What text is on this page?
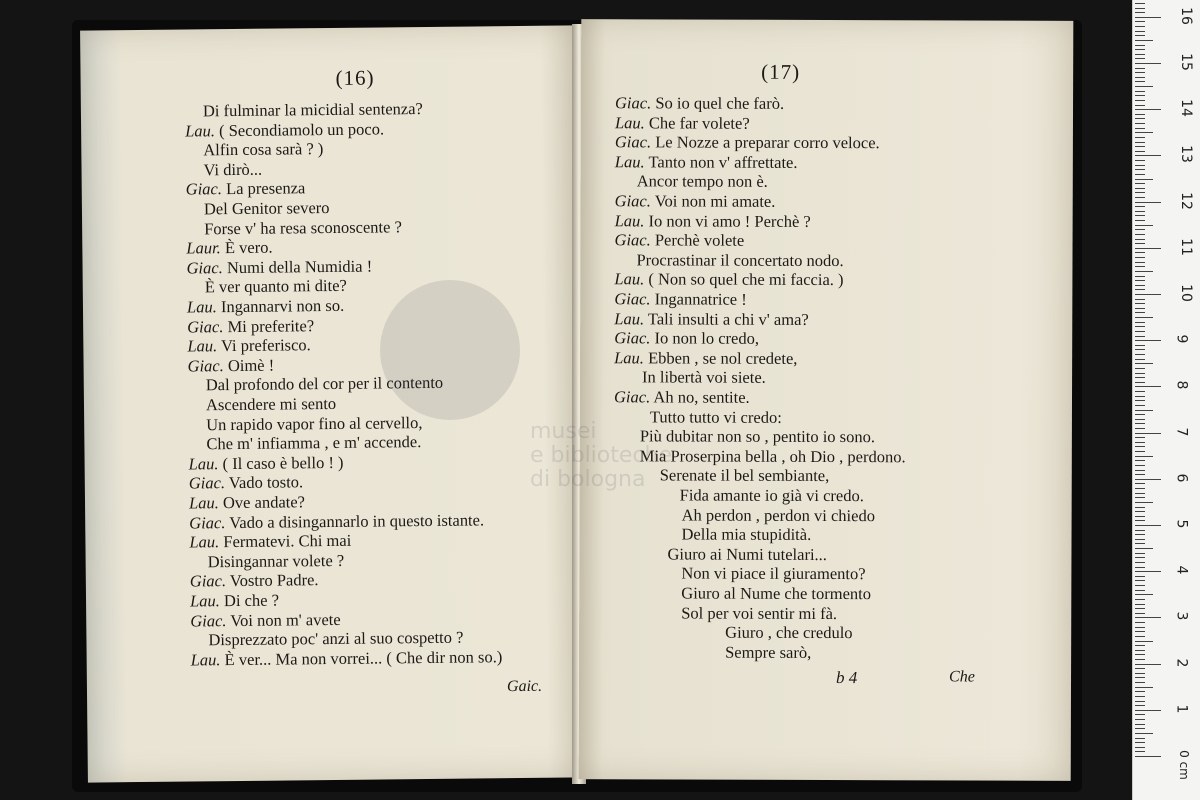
(16)
Di fulminar la micidial sentenza?
Lau. ( Secondiamolo un poco.
Alfin cosa sarà ? )
Vi dirò...
Giac. La presenza
Del Genitor severo
Forse v' ha resa sconoscente ?
Laur. È vero.
Giac. Numi della Numidia !
È ver quanto mi dite?
Lau. Ingannarvi non so.
Giac. Mi preferite?
Lau. Vi preferisco.
Giac. Oimè !
Dal profondo del cor per il contento
Ascendere mi sento
Un rapido vapor fino al cervello,
Che m' infiamma , e m' accende.
Lau. ( Il caso è bello ! )
Giac. Vado tosto.
Lau. Ove andate?
Giac. Vado a disingannarlo in questo istante.
Lau. Fermatevi. Chi mai
Disingannar volete ?
Giac. Vostro Padre.
Lau. Di che ?
Giac. Voi non m' avete
Disprezzato poc' anzi al suo cospetto ?
Lau. È ver... Ma non vorrei... ( Che dir non so.)
Gaic.
(17)
Giac. So io quel che farò.
Lau. Che far volete?
Giac. Le Nozze a preparar corro veloce.
Lau. Tanto non v' affrettate.
Ancor tempo non è.
Giac. Voi non mi amate.
Lau. Io non vi amo ! Perchè ?
Giac. Perchè volete
Procrastinar il concertato nodo.
Lau. ( Non so quel che mi faccia. )
Giac. Ingannatrice !
Lau. Tali insulti a chi v' ama?
Giac. Io non lo credo,
Lau. Ebben , se nol credete,
In libertà voi siete.
Giac. Ah no, sentite.
Tutto tutto vi credo:
Più dubitar non so , pentito io sono.
Mia Proserpina bella , oh Dio , perdono.
Serenate il bel sembiante,
Fida amante io già vi credo.
Ah perdon , perdon vi chiedo
Della mia stupidità.
Giuro ai Numi tutelari...
Non vi piace il giuramento?
Giuro al Nume che tormento
Sol per voi sentir mi fà.
Giuro , che credulo
Sempre sarò,
b 4	Che
0 cm
1
2
3
4
5
6
7
8
9
10
11
12
13
14
15
16
